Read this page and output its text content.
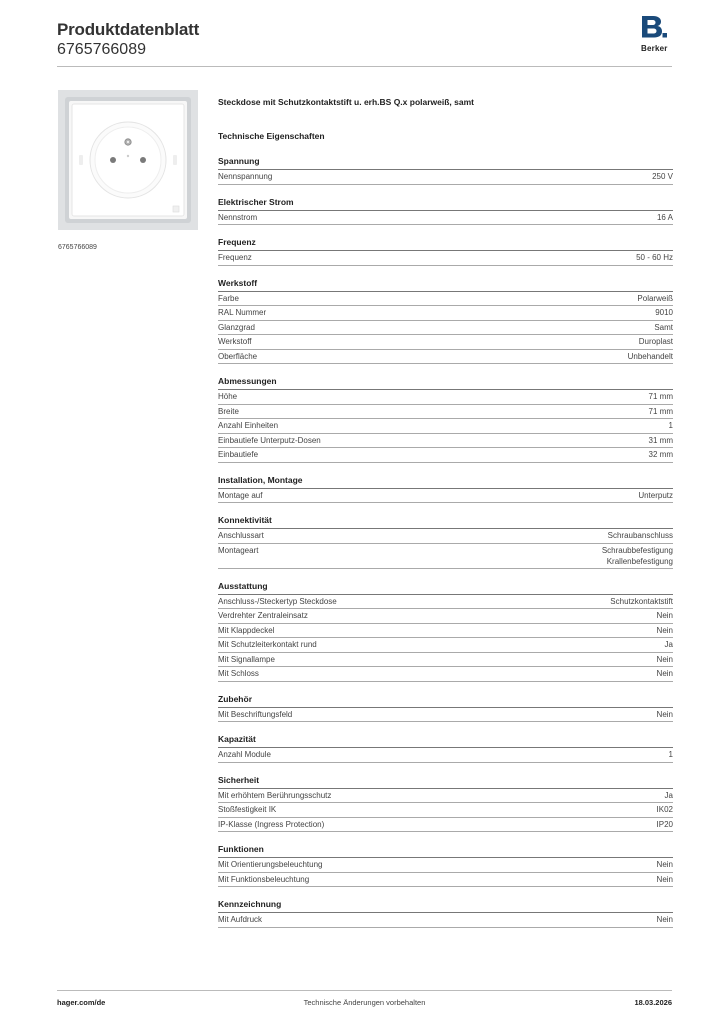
Produktdatenblatt
6765766089	Berker
6765766089
Steckdose mit Schutzkontaktstift u. erh.BS Q.x polarweiß, samt
Technische Eigenschaften
Spannung
Nennspannung	250 V
Elektrischer Strom
Nennstrom	16 A
Frequenz
Frequenz	50 - 60 Hz
Werkstoff
Farbe	Polarweiß
RAL Nummer	9010
Glanzgrad	Samt
Werkstoff	Duroplast
Oberfläche	Unbehandelt
Abmessungen
Höhe	71 mm
Breite	71 mm
Anzahl Einheiten	1
Einbautiefe Unterputz-Dosen	31 mm
Einbautiefe	32 mm
Installation, Montage
Montage auf	Unterputz
Konnektivität
Anschlussart	Schraubanschluss
Montageart	Schraubbefestigung
Krallenbefestigung
Ausstattung
Anschluss-/Steckertyp Steckdose	Schutzkontaktstift
Verdrehter Zentraleinsatz	Nein
Mit Klappdeckel	Nein
Mit Schutzleiterkontakt rund	Ja
Mit Signallampe	Nein
Mit Schloss	Nein
Zubehör
Mit Beschriftungsfeld	Nein
Kapazität
Anzahl Module	1
Sicherheit
Mit erhöhtem Berührungsschutz	Ja
Stoßfestigkeit IK	IK02
IP-Klasse (Ingress Protection)	IP20
Funktionen
Mit Orientierungsbeleuchtung	Nein
Mit Funktionsbeleuchtung	Nein
Kennzeichnung
Mit Aufdruck	Nein
hager.com/de	Technische Änderungen vorbehalten	18.03.2026
